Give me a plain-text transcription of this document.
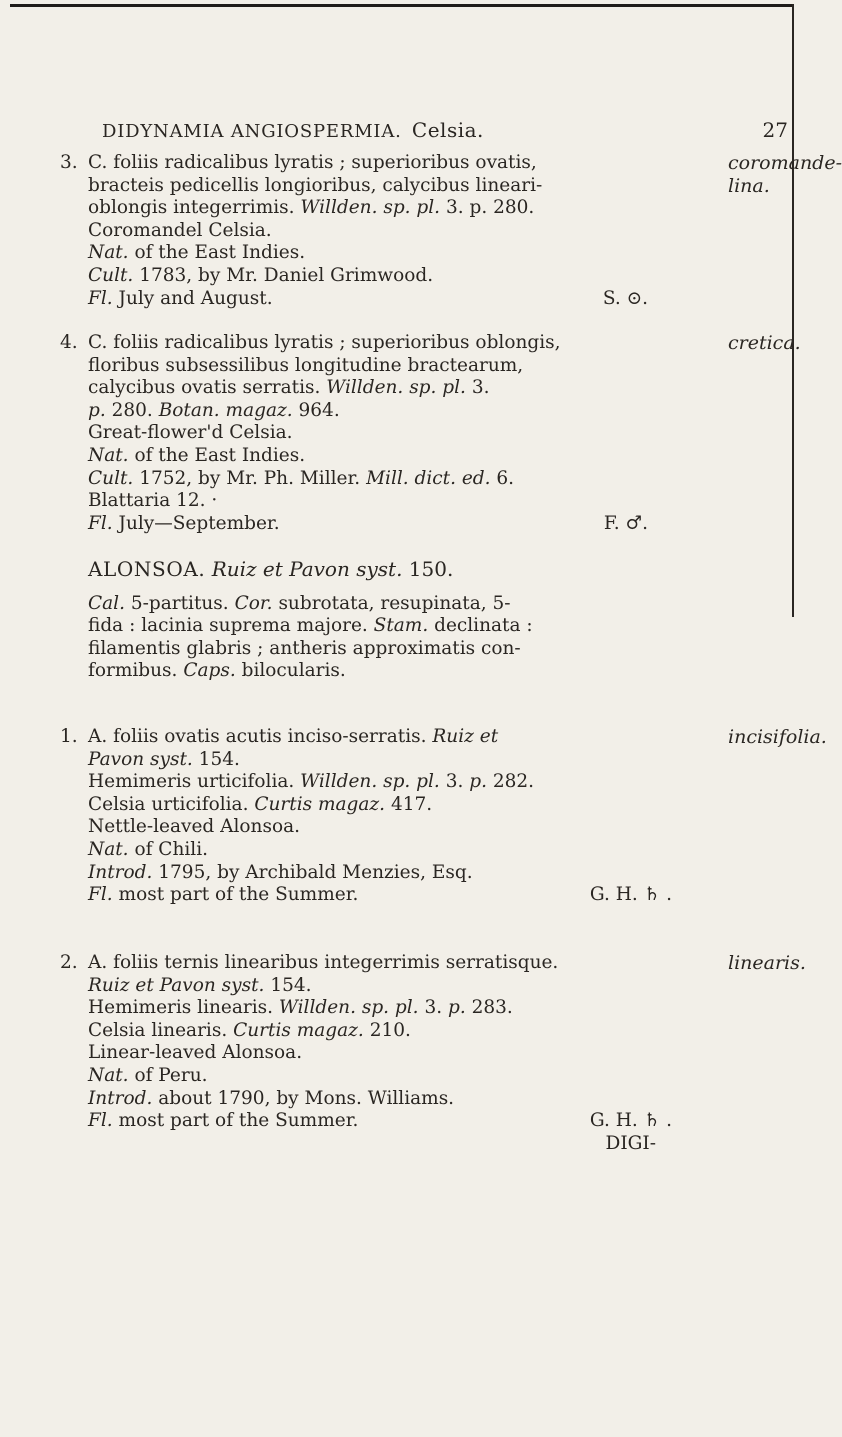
DIDYNAMIA ANGIOSPERMIA. Celsia.	27
3. C. foliis radicalibus lyratis ; superioribus ovatis,	coromande-
bracteis pedicellis longioribus, calycibus lineari-	lina.
oblongis integerrimis. Willden. sp. pl. 3. p. 280.
Coromandel Celsia.
Nat. of the East Indies.
Cult. 1783, by Mr. Daniel Grimwood.
Fl. July and August.	S. ⊙.
4. C. foliis radicalibus lyratis ; superioribus oblongis,	cretica.
floribus subsessilibus longitudine bractearum,
calycibus ovatis serratis. Willden. sp. pl. 3.
p. 280. Botan. magaz. 964.
Great-flower'd Celsia.
Nat. of the East Indies.
Cult. 1752, by Mr. Ph. Miller. Mill. dict. ed. 6.
Blattaria 12. ·
Fl. July—September.	F. ♂.
ALONSOA. Ruiz et Pavon syst. 150.
Cal. 5-partitus. Cor. subrotata, resupinata, 5-
fida : lacinia suprema majore. Stam. declinata :
filamentis glabris ; antheris approximatis con-
formibus. Caps. bilocularis.
1. A. foliis ovatis acutis inciso-serratis. Ruiz et	incisifolia.
Pavon syst. 154.
Hemimeris urticifolia. Willden. sp. pl. 3. p. 282.
Celsia urticifolia. Curtis magaz. 417.
Nettle-leaved Alonsoa.
Nat. of Chili.
Introd. 1795, by Archibald Menzies, Esq.
Fl. most part of the Summer.	G. H. ♄ .
2. A. foliis ternis linearibus integerrimis serratisque.	linearis.
Ruiz et Pavon syst. 154.
Hemimeris linearis. Willden. sp. pl. 3. p. 283.
Celsia linearis. Curtis magaz. 210.
Linear-leaved Alonsoa.
Nat. of Peru.
Introd. about 1790, by Mons. Williams.
Fl. most part of the Summer.	G. H. ♄ .
DIGI-
